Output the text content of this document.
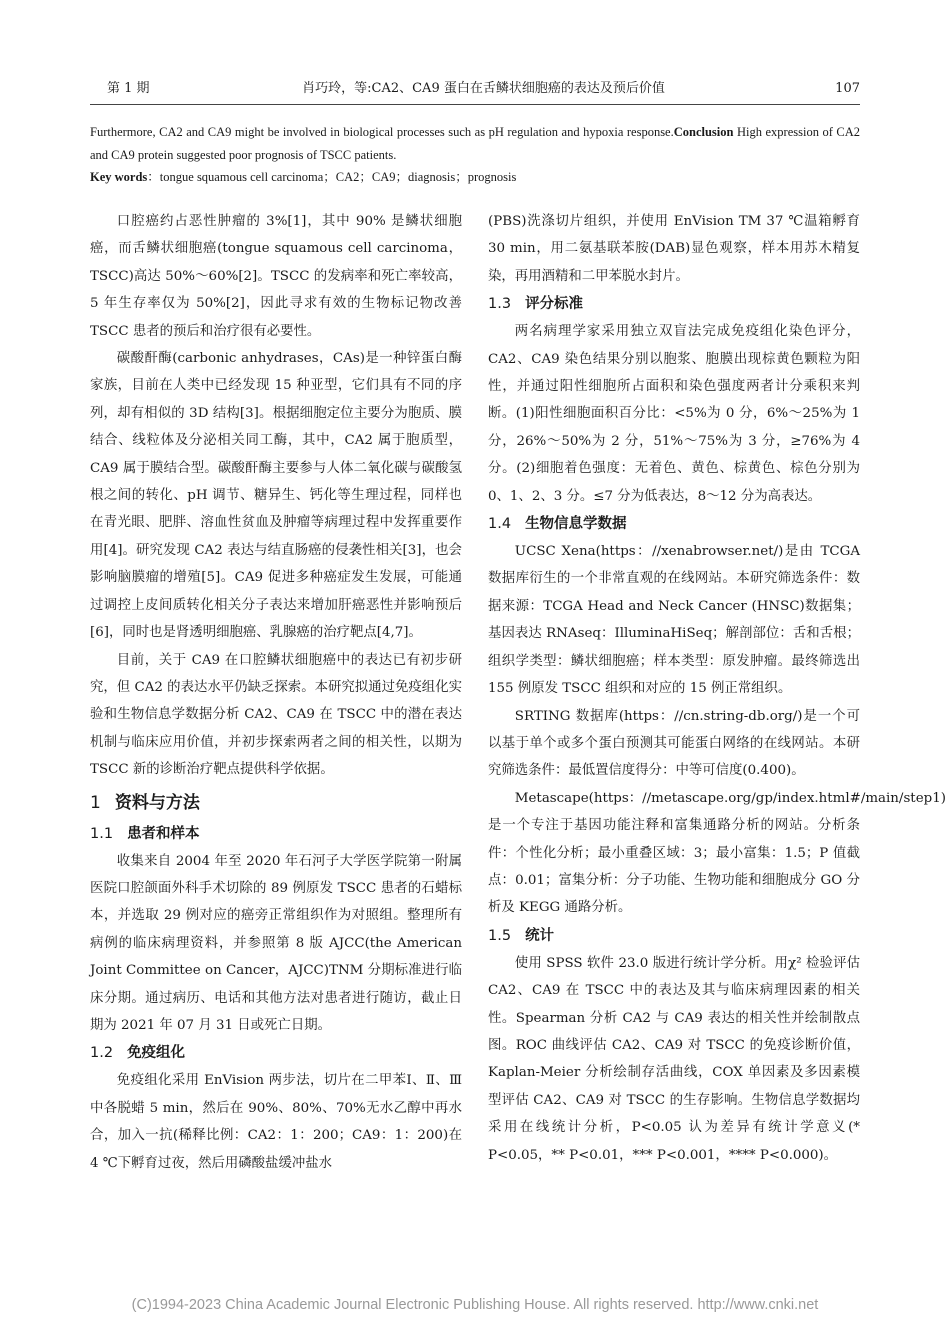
第 1 期	肖巧玲，等:CA2、CA9 蛋白在舌鳞状细胞癌的表达及预后价值	107
Furthermore, CA2 and CA9 might be involved in biological processes such as pH regulation and hypoxia response.Conclusion High expression of CA2 and CA9 protein suggested poor prognosis of TSCC patients.
Key words：tongue squamous cell carcinoma；CA2；CA9；diagnosis；prognosis

口腔癌约占恶性肿瘤的 3%[1]，其中 90% 是鳞状细胞癌，而舌鳞状细胞癌(tongue squamous cell carcinoma，TSCC)高达 50%～60%[2]。TSCC 的发病率和死亡率较高，5 年生存率仅为 50%[2]，因此寻求有效的生物标记物改善 TSCC 患者的预后和治疗很有必要性。

碳酸酐酶(carbonic anhydrases，CAs)是一种锌蛋白酶家族，目前在人类中已经发现 15 种亚型，它们具有不同的序列，却有相似的 3D 结构[3]。根据细胞定位主要分为胞质、膜结合、线粒体及分泌相关同工酶，其中，CA2 属于胞质型，CA9 属于膜结合型。碳酸酐酶主要参与人体二氧化碳与碳酸氢根之间的转化、pH 调节、糖异生、钙化等生理过程，同样也在青光眼、肥胖、溶血性贫血及肿瘤等病理过程中发挥重要作用[4]。研究发现 CA2 表达与结直肠癌的侵袭性相关[3]，也会影响脑膜瘤的增殖[5]。CA9 促进多种癌症发生发展，可能通过调控上皮间质转化相关分子表达来增加肝癌恶性并影响预后[6]，同时也是肾透明细胞癌、乳腺癌的治疗靶点[4,7]。

目前，关于 CA9 在口腔鳞状细胞癌中的表达已有初步研究，但 CA2 的表达水平仍缺乏探索。本研究拟通过免疫组化实验和生物信息学数据分析 CA2、CA9 在 TSCC 中的潜在表达机制与临床应用价值，并初步探索两者之间的相关性，以期为 TSCC 新的诊断治疗靶点提供科学依据。

1 资料与方法
1.1 患者和样本

收集来自 2004 年至 2020 年石河子大学医学院第一附属医院口腔颌面外科手术切除的 89 例原发 TSCC 患者的石蜡标本，并选取 29 例对应的癌旁正常组织作为对照组。整理所有病例的临床病理资料，并参照第 8 版 AJCC(the American Joint Committee on Cancer，AJCC)TNM 分期标准进行临床分期。通过病历、电话和其他方法对患者进行随访，截止日期为 2021 年 07 月 31 日或死亡日期。

1.2 免疫组化

免疫组化采用 EnVision 两步法，切片在二甲苯Ⅰ、Ⅱ、Ⅲ中各脱蜡 5 min，然后在 90%、80%、70%无水乙醇中再水合，加入一抗(稀释比例：CA2：1：200；CA9：1：200)在 4 ℃下孵育过夜，然后用磷酸盐缓冲盐水

(PBS)洗涤切片组织，并使用 EnVision TM 37 ℃温箱孵育 30 min，用二氨基联苯胺(DAB)显色观察，样本用苏木精复染，再用酒精和二甲苯脱水封片。

1.3 评分标准

两名病理学家采用独立双盲法完成免疫组化染色评分，CA2、CA9 染色结果分别以胞浆、胞膜出现棕黄色颗粒为阳性，并通过阳性细胞所占面积和染色强度两者计分乘积来判断。(1)阳性细胞面积百分比：<5%为 0 分，6%～25%为 1 分，26%～50%为 2 分，51%～75%为 3 分，≥76%为 4 分。(2)细胞着色强度：无着色、黄色、棕黄色、棕色分别为 0、1、2、3 分。≤7 分为低表达，8～12 分为高表达。

1.4 生物信息学数据

UCSC Xena(https：//xenabrowser.net/)是由 TCGA 数据库衍生的一个非常直观的在线网站。本研究筛选条件：数据来源：TCGA Head and Neck Cancer (HNSC)数据集；基因表达 RNAseq：IlluminaHiSeq；解剖部位：舌和舌根；组织学类型：鳞状细胞癌；样本类型：原发肿瘤。最终筛选出 155 例原发 TSCC 组织和对应的 15 例正常组织。

SRTING 数据库(https：//cn.string-db.org/)是一个可以基于单个或多个蛋白预测其可能蛋白网络的在线网站。本研究筛选条件：最低置信度得分：中等可信度(0.400)。

Metascape(https：//metascape.org/gp/index.html#/main/step1)是一个专注于基因功能注释和富集通路分析的网站。分析条件：个性化分析；最小重叠区域：3；最小富集：1.5；P 值截点：0.01；富集分析：分子功能、生物功能和细胞成分 GO 分析及 KEGG 通路分析。

1.5 统计

使用 SPSS 软件 23.0 版进行统计学分析。用χ² 检验评估 CA2、CA9 在 TSCC 中的表达及其与临床病理因素的相关性。Spearman 分析 CA2 与 CA9 表达的相关性并绘制散点图。ROC 曲线评估 CA2、CA9 对 TSCC 的免疫诊断价值，Kaplan-Meier 分析绘制存活曲线，COX 单因素及多因素模型评估 CA2、CA9 对 TSCC 的生存影响。生物信息学数据均采用在线统计分析，P<0.05 认为差异有统计学意义(* P<0.05，** P<0.01，*** P<0.001，**** P<0.000)。

(C)1994-2023 China Academic Journal Electronic Publishing House. All rights reserved. http://www.cnki.net
